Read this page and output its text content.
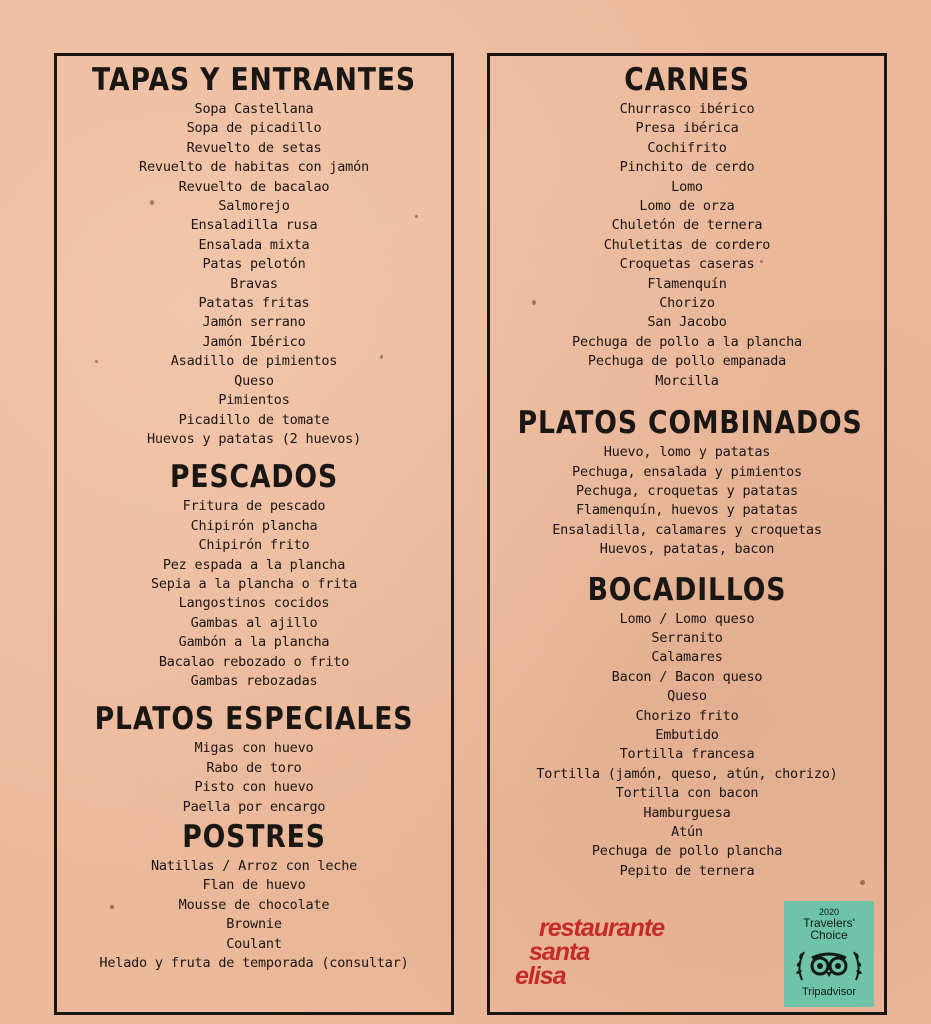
TAPAS Y ENTRANTES
Sopa Castellana
Sopa de picadillo
Revuelto de setas
Revuelto de habitas con jamón
Revuelto de bacalao
Salmorejo
Ensaladilla rusa
Ensalada mixta
Patas pelotón
Bravas
Patatas fritas
Jamón serrano
Jamón Ibérico
Asadillo de pimientos
Queso
Pimientos
Picadillo de tomate
Huevos y patatas (2 huevos)
PESCADOS
Fritura de pescado
Chipirón plancha
Chipirón frito
Pez espada a la plancha
Sepia a la plancha o frita
Langostinos cocidos
Gambas al ajillo
Gambón a la plancha
Bacalao rebozado o frito
Gambas rebozadas
PLATOS ESPECIALES
Migas con huevo
Rabo de toro
Pisto con huevo
Paella por encargo
POSTRES
Natillas / Arroz con leche
Flan de huevo
Mousse de chocolate
Brownie
Coulant
Helado y fruta de temporada (consultar)
CARNES
Churrasco ibérico
Presa ibérica
Cochifrito
Pinchito de cerdo
Lomo
Lomo de orza
Chuletón de ternera
Chuletitas de cordero
Croquetas caseras
Flamenquín
Chorizo
San Jacobo
Pechuga de pollo a la plancha
Pechuga de pollo empanada
Morcilla
PLATOS COMBINADOS
Huevo, lomo y patatas
Pechuga, ensalada y pimientos
Pechuga, croquetas y patatas
Flamenquín, huevos y patatas
Ensaladilla, calamares y croquetas
Huevos, patatas, bacon
BOCADILLOS
Lomo / Lomo queso
Serranito
Calamares
Bacon / Bacon queso
Queso
Chorizo frito
Embutido
Tortilla francesa
Tortilla (jamón, queso, atún, chorizo)
Tortilla con bacon
Hamburguesa
Atún
Pechuga de pollo plancha
Pepito de ternera
restaurante
santa
elisa
2020
Travelers'
Choice
Tripadvisor
